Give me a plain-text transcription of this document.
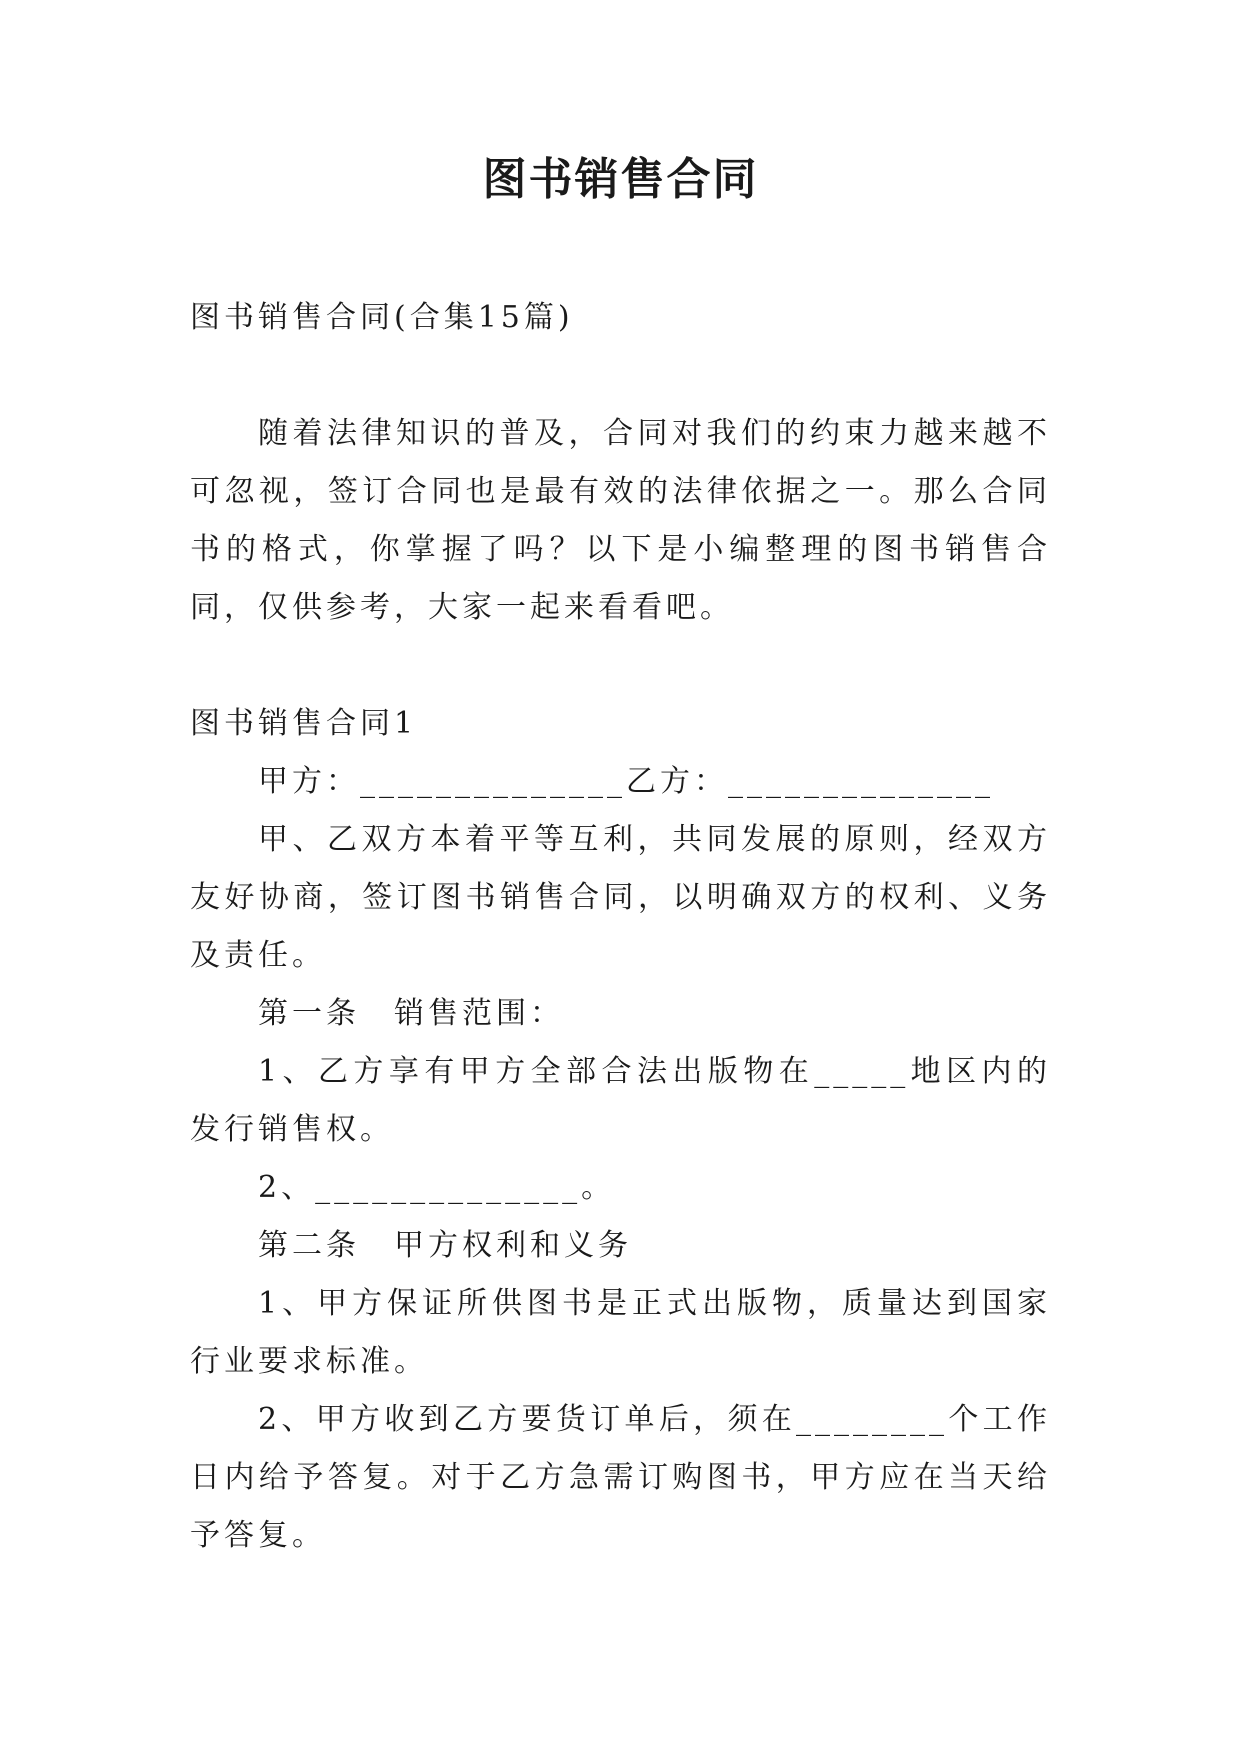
图书销售合同

图书销售合同(合集15篇)

随着法律知识的普及，合同对我们的约束力越来越不可忽视，签订合同也是最有效的法律依据之一。那么合同书的格式，你掌握了吗？以下是小编整理的图书销售合同，仅供参考，大家一起来看看吧。

图书销售合同1

甲方：______________乙方：______________

甲、乙双方本着平等互利，共同发展的原则，经双方友好协商，签订图书销售合同，以明确双方的权利、义务及责任。

第一条　销售范围：

1、乙方享有甲方全部合法出版物在_____地区内的发行销售权。

2、______________。

第二条　甲方权利和义务

1、甲方保证所供图书是正式出版物，质量达到国家行业要求标准。

2、甲方收到乙方要货订单后，须在________个工作日内给予答复。对于乙方急需订购图书，甲方应在当天给予答复。
